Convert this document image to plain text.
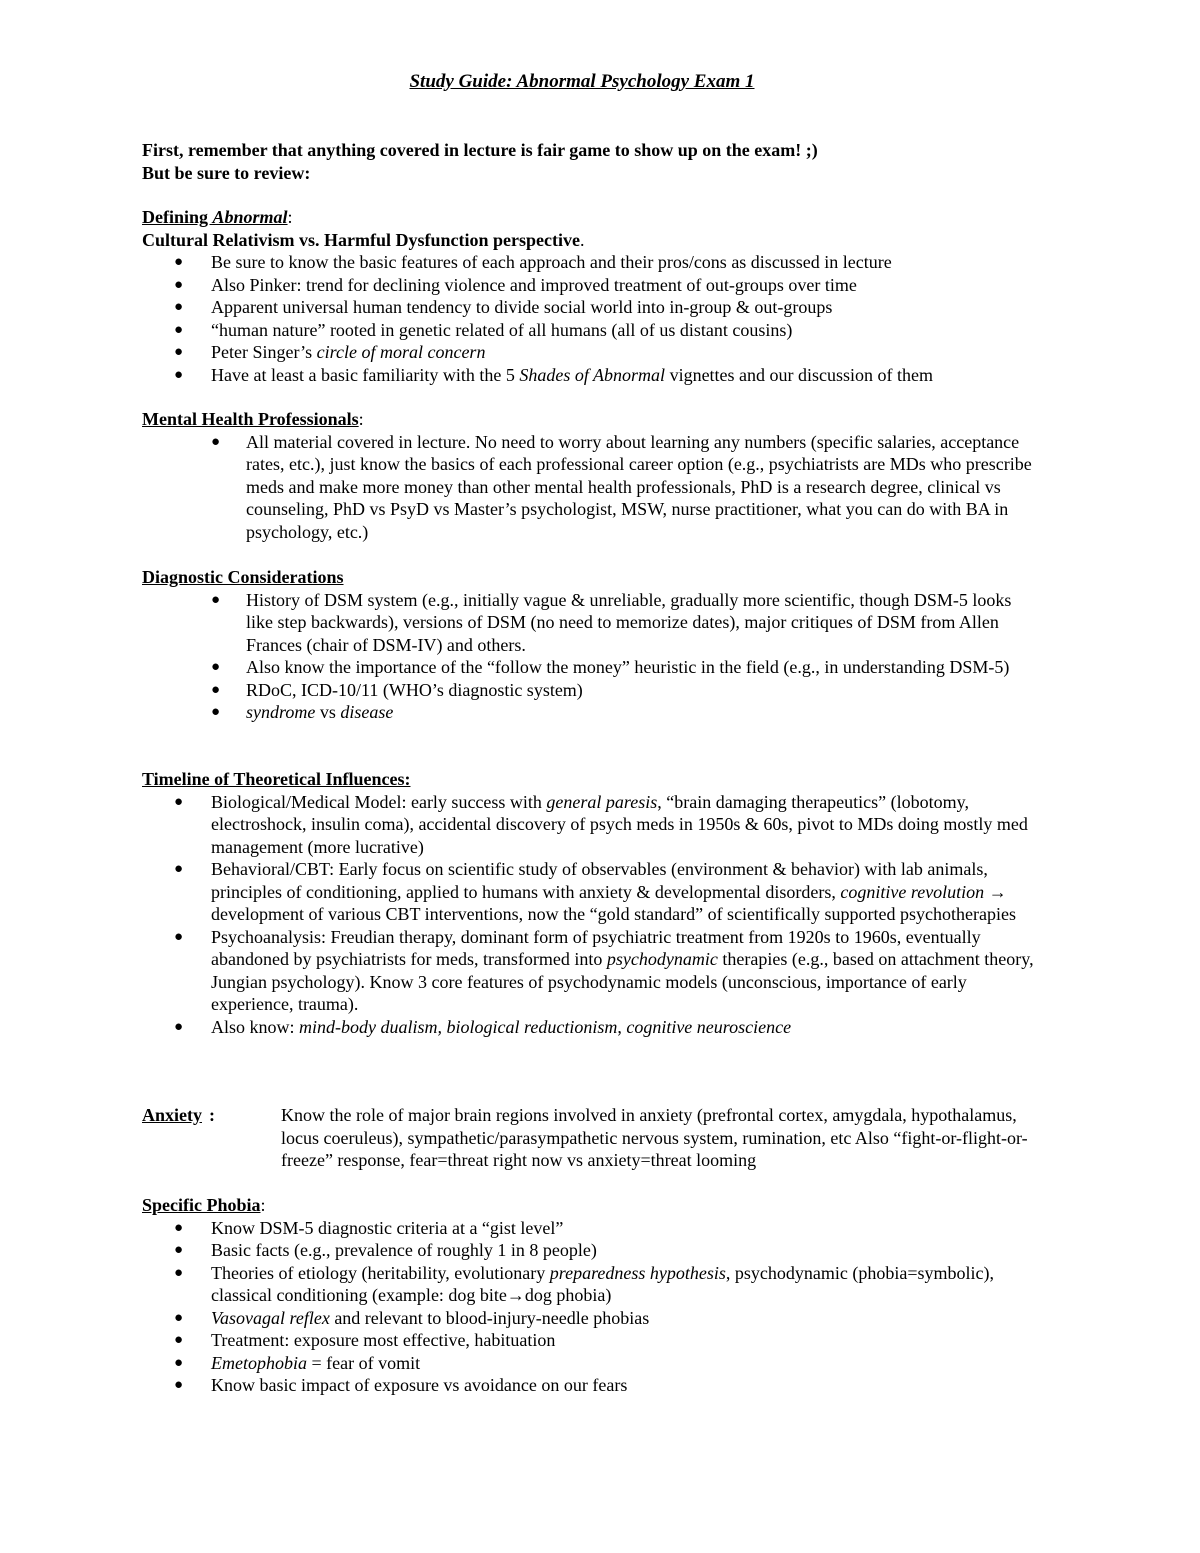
Study Guide: Abnormal Psychology Exam 1
First, remember that anything covered in lecture is fair game to show up on the exam! ;)
But be sure to review:
Defining Abnormal:
Cultural Relativism vs. Harmful Dysfunction perspective.
● Be sure to know the basic features of each approach and their pros/cons as discussed in lecture
● Also Pinker: trend for declining violence and improved treatment of out-groups over time
● Apparent universal human tendency to divide social world into in-group & out-groups
● “human nature” rooted in genetic related of all humans (all of us distant cousins)
● Peter Singer’s circle of moral concern
● Have at least a basic familiarity with the 5 Shades of Abnormal vignettes and our discussion of them
Mental Health Professionals:
● All material covered in lecture. No need to worry about learning any numbers (specific salaries, acceptance rates, etc.), just know the basics of each professional career option (e.g., psychiatrists are MDs who prescribe meds and make more money than other mental health professionals, PhD is a research degree, clinical vs counseling, PhD vs PsyD vs Master’s psychologist, MSW, nurse practitioner, what you can do with BA in psychology, etc.)
Diagnostic Considerations
● History of DSM system (e.g., initially vague & unreliable, gradually more scientific, though DSM-5 looks like step backwards), versions of DSM (no need to memorize dates), major critiques of DSM from Allen Frances (chair of DSM-IV) and others.
● Also know the importance of the “follow the money” heuristic in the field (e.g., in understanding DSM-5)
● RDoC, ICD-10/11 (WHO’s diagnostic system)
● syndrome vs disease
Timeline of Theoretical Influences:
● Biological/Medical Model: early success with general paresis, “brain damaging therapeutics” (lobotomy, electroshock, insulin coma), accidental discovery of psych meds in 1950s & 60s, pivot to MDs doing mostly med management (more lucrative)
● Behavioral/CBT: Early focus on scientific study of observables (environment & behavior) with lab animals, principles of conditioning, applied to humans with anxiety & developmental disorders, cognitive revolution → development of various CBT interventions, now the “gold standard” of scientifically supported psychotherapies
● Psychoanalysis: Freudian therapy, dominant form of psychiatric treatment from 1920s to 1960s, eventually abandoned by psychiatrists for meds, transformed into psychodynamic therapies (e.g., based on attachment theory, Jungian psychology). Know 3 core features of psychodynamic models (unconscious, importance of early experience, trauma).
● Also know: mind-body dualism, biological reductionism, cognitive neuroscience
Anxiety :	Know the role of major brain regions involved in anxiety (prefrontal cortex, amygdala, hypothalamus, locus coeruleus), sympathetic/parasympathetic nervous system, rumination, etc Also “fight-or-flight-or-freeze” response, fear=threat right now vs anxiety=threat looming
Specific Phobia:
● Know DSM-5 diagnostic criteria at a “gist level”
● Basic facts (e.g., prevalence of roughly 1 in 8 people)
● Theories of etiology (heritability, evolutionary preparedness hypothesis, psychodynamic (phobia=symbolic), classical conditioning (example: dog bite→dog phobia)
● Vasovagal reflex and relevant to blood-injury-needle phobias
● Treatment: exposure most effective, habituation
● Emetophobia = fear of vomit
● Know basic impact of exposure vs avoidance on our fears
